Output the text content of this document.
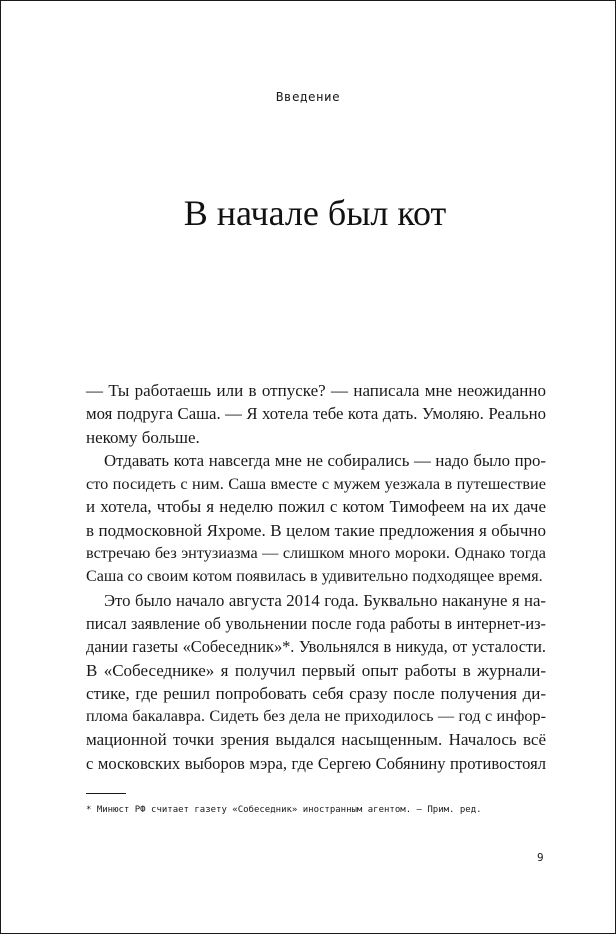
Введение
В начале был кот
— Ты работаешь или в отпуске? — написала мне неожиданно
моя подруга Саша. — Я хотела тебе кота дать. Умоляю. Реально
некому больше.
Отдавать кота навсегда мне не собирались — надо было про-
сто посидеть с ним. Саша вместе с мужем уезжала в путешествие
и хотела, чтобы я неделю пожил с котом Тимофеем на их даче
в подмосковной Яхроме. В целом такие предложения я обычно
встречаю без энтузиазма — слишком много мороки. Однако тогда
Саша со своим котом появилась в удивительно подходящее время.
Это было начало августа 2014 года. Буквально накануне я на-
писал заявление об увольнении после года работы в интернет-из-
дании газеты «Собеседник»*. Увольнялся в никуда, от усталости.
В «Собеседнике» я получил первый опыт работы в журнали-
стике, где решил попробовать себя сразу после получения ди-
плома бакалавра. Сидеть без дела не приходилось — год с инфор-
мационной точки зрения выдался насыщенным. Началось всё
с московских выборов мэра, где Сергею Собянину противостоял
* Минюст РФ считает газету «Собеседник» иностранным агентом. — Прим. ред.
9
